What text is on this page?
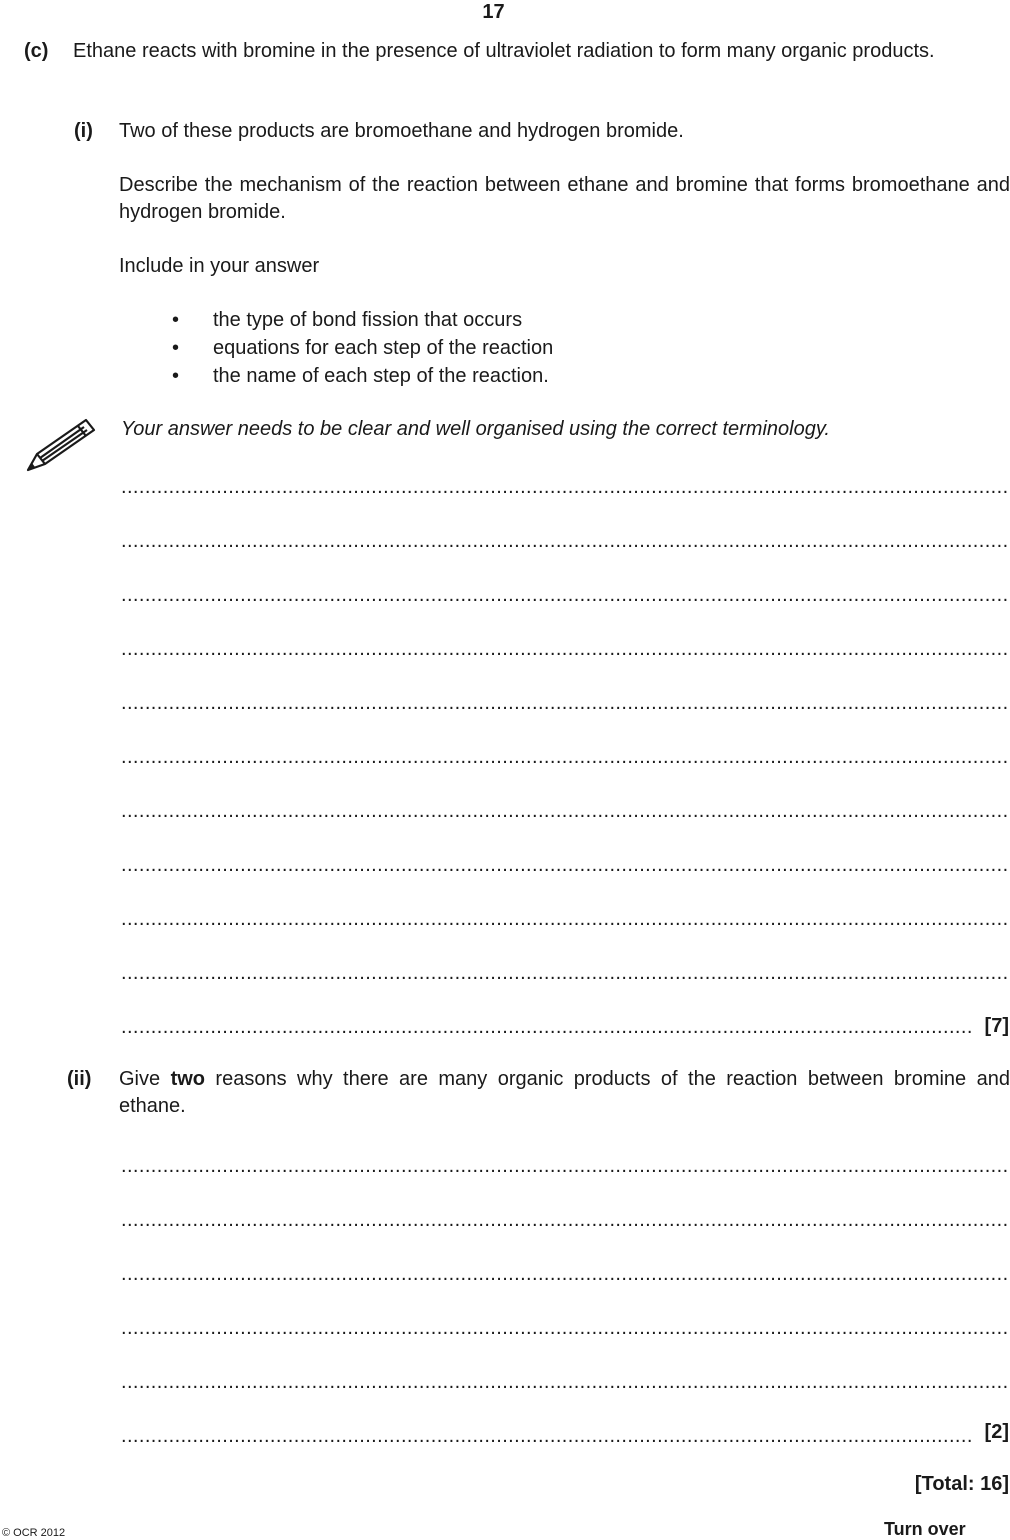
17
(c) Ethane reacts with bromine in the presence of ultraviolet radiation to form many organic products.
(i) Two of these products are bromoethane and hydrogen bromide.
Describe the mechanism of the reaction between ethane and bromine that forms bromoethane and hydrogen bromide.
Include in your answer
• the type of bond fission that occurs
• equations for each step of the reaction
• the name of each step of the reaction.
Your answer needs to be clear and well organised using the correct terminology.
.....
.....
.....
.....
.....
.....
.....
.....
.....
.....
.....
[7]
(ii) Give two reasons why there are many organic products of the reaction between bromine and ethane.
.....
.....
.....
.....
.....
.....
[2]
[Total: 16]
© OCR 2012	Turn over
